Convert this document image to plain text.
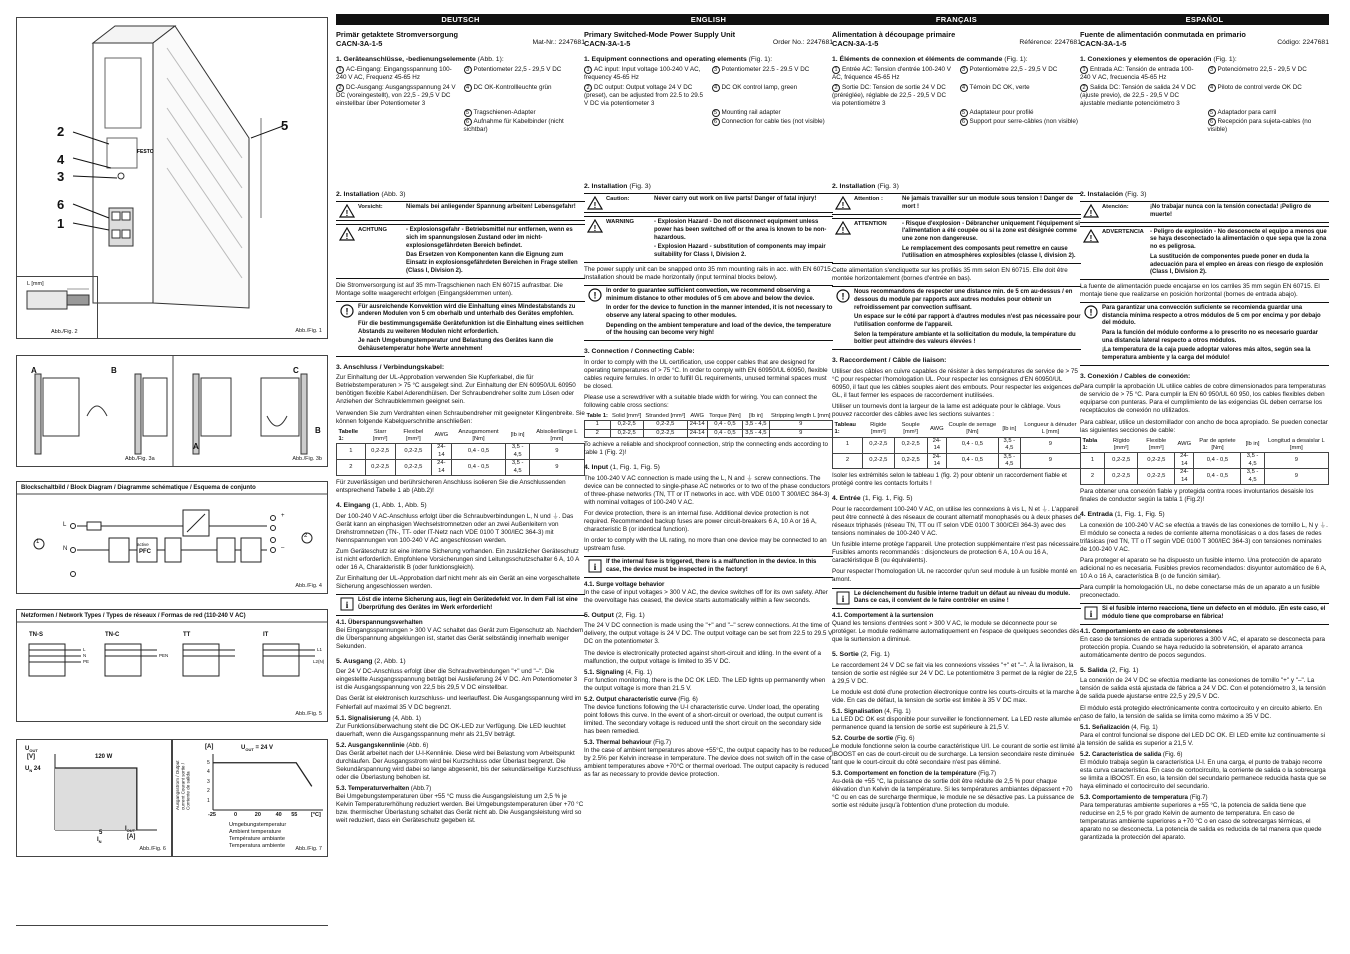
FESTO
2
4
3
6
1
5
L [mm]
Abb./Fig. 2	Abb./Fig. 1
A	B
A
C
B
Abb./Fig. 3a	Abb./Fig. 3b
Blockschaltbild / Block Diagram / Diagramme schématique / Esquema de conjunto
L
N
1
2
active
PFC
+
–
Abb./Fig. 4
Netzformen / Network Types / Types de réseaux / Formas de red (110-240 V AC)
TN-S	TN-C	TT	IT
L
N
PE
PEN
L1
L2(N)
Abb./Fig. 5
$U_{OUT}$
[V]
$U_N$ 24
120 W
$I_{OUT}$
[A]
5
$I_N$
Abb./Fig. 6
Ausgangsstrom / Output current Courant sortie / Corriente de salida
[A]	$U_{OUT} = 24$ V
Umgebungstemperatur
Ambient temperature
Température ambiante
Temperatura ambiente
Abb./Fig. 7
-25	0	20	40 55 [°C]
5
4
3
2
1
DEUTSCH
Primär getaktete Stromversorgung
CACN-3A-1-5	Mat-Nr.: 2247681
1. Geräteanschlüsse, -bedienungselemente (Abb. 1):
1 AC-Eingang: Eingangsspannung 100-240 V AC, Frequenz 45-65 Hz
3 Potentiometer 22,5 - 29,5 V DC
2 DC-Ausgang: Ausgangsspannung 24 V DC (voreingestellt), von 22,5 - 29,5 V DC einstellbar über Potentiometer 3
4 DC OK-Kontrollleuchte grün
5 Tragschienen-Adapter
6 Aufnahme für Kabelbinder (nicht sichtbar)
2. Installation (Abb. 3)
!
Vorsicht:	Niemals bei anliegender Spannung arbeiten! Lebensgefahr!
!
ACHTUNG	- Explosionsgefahr - Betriebsmittel nur entfernen, wenn es sich im spannungslosen Zustand oder im nicht-explosionsgefährdeten Bereich befindet.
Das Ersetzen von Komponenten kann die Eignung zum Einsatz in explosionsgefährdeten Bereichen in Frage stellen (Class I, Division 2).
Die Stromversorgung ist auf 35 mm-Tragschienen nach EN 60715 aufrastbar. Die Montage sollte waagerecht erfolgen (Eingangsklemmen unten).
! Für ausreichende Konvektion wird die Einhaltung eines Mindestabstands zu anderen Modulen von 5 cm oberhalb und unterhalb des Gerätes empfohlen.
Für die bestimmungsgemäße Gerätefunktion ist die Einhaltung eines seitlichen Abstands zu weiteren Modulen nicht erforderlich.
Je nach Umgebungstemperatur und Belastung des Gerätes kann die Gehäusetemperatur hohe Werte annehmen!
3. Anschluss / Verbindungskabel:
Zur Einhaltung der UL-Approbation verwenden Sie Kupferkabel, die für Betriebstemperaturen > 75 °C ausgelegt sind. Zur Einhaltung der EN 60950/UL 60950 benötigen flexible Kabel Aderendhülsen. Der Schraubendreher sollte zum Lösen oder Anziehen der Schraubklemmen geeignet sein.
Verwenden Sie zum Verdrahten einen Schraubendreher mit geeigneter Klingenbreite. Sie können folgende Kabelquerschnitte anschließen:
Tabelle 1:	Starr [mm²]	Flexibel [mm²]	AWG	Anzugsmoment [Nm]	[lb in]	Abisolierlänge L [mm]
1	0,2-2,5	0,2-2,5	24-14	0,4 - 0,5	3,5 - 4,5	9
2	0,2-2,5	0,2-2,5	24-14	0,4 - 0,5	3,5 - 4,5	9
Für zuverlässigen und berührsicheren Anschluss isolieren Sie die Anschlussenden entsprechend Tabelle 1 ab (Abb.2)!
4. Eingang (1, Abb. 1, Abb. 5)
Der 100-240 V AC-Anschluss erfolgt über die Schraubverbindungen L, N und ⏚. Das Gerät kann an einphasigen Wechselstromnetzen oder an zwei Außenleitern von Drehstromnetzen (TN-, TT- oder IT-Netz nach VDE 0100 T 300/IEC 364-3) mit Nennspannungen von 100-240 V AC angeschlossen werden.
Zum Geräteschutz ist eine interne Sicherung vorhanden. Ein zusätzlicher Geräteschutz ist nicht erforderlich. Empfohlene Vorsicherungen sind Leitungsschutzschalter 6 A, 10 A oder 16 A, Charakteristik B (oder funktionsgleich).
Zur Einhaltung der UL-Approbation darf nicht mehr als ein Gerät an eine vorgeschaltete Sicherung angeschlossen werden.
i Löst die interne Sicherung aus, liegt ein Gerätedefekt vor. In dem Fall ist eine Überprüfung des Gerätes im Werk erforderlich!
4.1. Überspannungsverhalten
Bei Eingangsspannungen > 300 V AC schaltet das Gerät zum Eigenschutz ab. Nachdem die Überspannung abgeklungen ist, startet das Gerät selbständig innerhalb weniger Sekunden.
5. Ausgang (2, Abb. 1)
Der 24 V DC-Anschluss erfolgt über die Schraubverbindungen "+" und "–". Die eingestellte Ausgangsspannung beträgt bei Auslieferung 24 V DC. Am Potentiometer 3 ist die Ausgangsspannung von 22,5 bis 29,5 V DC einstellbar.
Das Gerät ist elektronisch kurzschluss- und leerlauffest. Die Ausgangsspannung wird im Fehlerfall auf maximal 35 V DC begrenzt.
5.1. Signalisierung (4, Abb. 1)
Zur Funktionsüberwachung steht die DC OK-LED zur Verfügung. Die LED leuchtet dauerhaft, wenn die Ausgangsspannung mehr als 21,5V beträgt.
5.2. Ausgangskennlinie (Abb. 6)
Das Gerät arbeitet nach der U-I-Kennlinie. Diese wird bei Belastung vom Arbeitspunkt durchlaufen. Der Ausgangsstrom wird bei Kurzschluss oder Überlast begrenzt. Die Sekundärspannung wird dabei so lange abgesenkt, bis der sekundärseitige Kurzschluss oder die Überlastung behoben ist.
5.3. Temperaturverhalten (Abb.7)
Bei Umgebungstemperaturen über +55 °C muss die Ausgangsleistung um 2,5 % je Kelvin Temperaturerhöhung reduziert werden. Bei Umgebungstemperaturen über +70 °C bzw. thermischer Überlastung schaltet das Gerät nicht ab. Die Ausgangsleistung wird so weit reduziert, dass ein Geräteschutz gegeben ist.
ENGLISH
Primary Switched-Mode Power Supply Unit
CACN-3A-1-5	Order No.: 2247681
1. Equipment connections and operating elements (Fig. 1):
1 AC input: Input voltage 100-240 V AC, frequency 45-65 Hz
3 Potentiometer 22.5 - 29.5 V DC
2 DC output: Output voltage 24 V DC (preset), can be adjusted from 22.5 to 29.5 V DC via potentiometer 3
4 DC OK control lamp, green
5 Mounting rail adapter
6 Connection for cable ties (not visible)
2. Installation (Fig. 3)
!
Caution:	Never carry out work on live parts! Danger of fatal injury!
!
WARNING	- Explosion Hazard - Do not disconnect equipment unless power has been switched off or the area is known to be non-hazardous.
- Explosion Hazard - substitution of components may impair suitability for Class I, Division 2.
The power supply unit can be snapped onto 35 mm mounting rails in acc. with EN 60715. Installation should be made horizontally (input terminal blocks below).
! In order to guarantee sufficient convection, we recommend observing a minimum distance to other modules of 5 cm above and below the device.
In order for the device to function in the manner intended, it is not necessary to observe any lateral spacing to other modules.
Depending on the ambient temperature and load of the device, the temperature of the housing can become very high!
3. Connection / Connecting Cable:
In order to comply with the UL certification, use copper cables that are designed for operating temperatures of > 75 °C. In order to comply with EN 60950/UL 60950, flexible cables require ferrules. In order to fulfill GL requirements, unused terminal spaces must be closed.
Please use a screwdriver with a suitable blade width for wiring. You can connect the following cable cross sections:
Table 1:	Solid [mm²]	Stranded [mm²]	AWG	Torque [Nm]	[lb in]	Stripping length L [mm]
1	0,2-2,5	0,2-2,5	24-14	0,4 - 0,5	3,5 - 4,5	9
2	0,2-2,5	0,2-2,5	24-14	0,4 - 0,5	3,5 - 4,5	9
To achieve a reliable and shockproof connection, strip the connecting ends according to table 1 (Fig. 2)!
4. Input (1, Fig. 1, Fig. 5)
The 100-240 V AC connection is made using the L, N and ⏚ screw connections. The device can be connected to single-phase AC networks or to two of the phase conductors of three-phase networks (TN, TT or IT networks in acc. with VDE 0100 T 300/IEC 364-3) with nominal voltages of 100-240 V AC.
For device protection, there is an internal fuse. Additional device protection is not required. Recommended backup fuses are power circuit-breakers 6 A, 10 A or 16 A, characteristic B (or identical function).
In order to comply with the UL rating, no more than one device may be connected to an upstream fuse.
i If the internal fuse is triggered, there is a malfunction in the device. In this case, the device must be inspected in the factory!
4.1. Surge voltage behavior
In the case of input voltages > 300 V AC, the device switches off for its own safety. After the overvoltage has ceased, the device starts automatically within a few seconds.
5. Output (2, Fig. 1)
The 24 V DC connection is made using the "+" and "–" screw connections. At the time of delivery, the output voltage is 24 V DC. The output voltage can be set from 22.5 to 29.5 V DC on the potentiometer 3.
The device is electronically protected against short-circuit and idling. In the event of a malfunction, the output voltage is limited to 35 V DC.
5.1. Signaling (4, Fig. 1)
For function monitoring, there is the DC OK LED. The LED lights up permanently when the output voltage is more than 21.5 V.
5.2. Output characteristic curve (Fig. 6)
The device functions following the U-I characteristic curve. Under load, the operating point follows this curve. In the event of a short-circuit or overload, the output current is limited. The secondary voltage is reduced until the short circuit on the secondary side has been remedied.
5.3. Thermal behaviour (Fig.7)
In the case of ambient temperatures above +55°C, the output capacity has to be reduced by 2.5% per Kelvin increase in temperature. The device does not switch off in the case of ambient temperatures above +70°C or thermal overload. The output capacity is reduced as far as necessary to provide device protection.
FRANÇAIS
Alimentation à découpage primaire
CACN-3A-1-5	Référence: 2247681
1. Éléments de connexion et éléments de commande (Fig. 1):
1 Entrée AC: Tension d'entrée 100-240 V AC, fréquence 45-65 Hz
3 Potentiomètre 22,5 - 29,5 V DC
2 Sortie DC: Tension de sortie 24 V DC (préréglée), réglable de 22,5 - 29,5 V DC via potentiomètre 3
4 Témoin DC OK, verte
5 Adaptateur pour profilé
6 Support pour serre-câbles (non visible)
2. Installation (Fig. 3)
!
Attention :	Ne jamais travailler sur un module sous tension ! Danger de mort !
!
ATTENTION	- Risque d'explosion - Débrancher uniquement l'équipement si l'alimentation a été coupée ou si la zone est désignée comme une zone non dangereuse.
Le remplacement des composants peut remettre en cause l'utilisation en atmosphères explosibles (classe I, division 2).
Cette alimentation s'encliquette sur les profilés 35 mm selon EN 60715. Elle doit être montée horizontalement (bornes d'entrée en bas).
! Nous recommandons de respecter une distance min. de 5 cm au-dessus / en dessous du module par rapports aux autres modules pour obtenir un refroidissement par convection suffisant.
Un espace sur le côté par rapport à d'autres modules n'est pas nécessaire pour l'utilisation conforme de l'appareil.
Selon la température ambiante et la sollicitation du module, la température du boîtier peut atteindre des valeurs élevées !
3. Raccordement / Câble de liaison:
Utiliser des câbles en cuivre capables de résister à des températures de service de > 75 °C pour respecter l'homologation UL. Pour respecter les consignes d'EN 60950/UL 60950, il faut que les câbles souples aient des embouts. Pour respecter les exigences de GL, il faut fermer les espaces de raccordement inutilisées.
Utiliser un tournevis dont la largeur de la lame est adéquate pour le câblage. Vous pouvez raccorder des câbles avec les sections suivantes :
Tableau 1:	Rigide [mm²]	Souple [mm²]	AWG	Couple de serrage [Nm]	[lb in]	Longueur à dénuder L [mm]
1	0,2-2,5	0,2-2,5	24-14	0,4 - 0,5	3,5 - 4,5	9
2	0,2-2,5	0,2-2,5	24-14	0,4 - 0,5	3,5 - 4,5	9
Isoler les extrémités selon le tableau 1 (fig. 2) pour obtenir un raccordement fiable et protégé contre les contacts fortuits !
4. Entrée (1, Fig. 1, Fig. 5)
Pour le raccordement 100-240 V AC, on utilise les connexions à vis L, N et ⏚. L'appareil peut être connecté à des réseaux de courant alternatif monophasés ou à deux phases de réseaux triphasés (réseau TN, TT ou IT selon VDE 0100 T 300/CEI 364-3) avec des tensions nominales de 100-240 V AC.
Un fusible interne protège l'appareil. Une protection supplémentaire n'est pas nécessaire. Fusibles amonts recommandés : disjoncteurs de protection 6 A, 10 A ou 16 A, caractéristique B (ou équivalents).
Pour respecter l'homologation UL ne raccorder qu'un seul module à un fusible monté en amont.
i Le déclenchement du fusible interne traduit un défaut au niveau du module. Dans ce cas, il convient de le faire contrôler en usine !
4.1. Comportement à la surtension
Quand les tensions d'entrées sont > 300 V AC, le module se déconnecte pour se protéger. Le module redémarre automatiquement en l'espace de quelques secondes dès que la surtension a diminué.
5. Sortie (2, Fig. 1)
Le raccordement 24 V DC se fait via les connexions vissées "+" et "–". À la livraison, la tension de sortie est réglée sur 24 V DC. Le potentiomètre 3 permet de la régler de 22,5 à 29,5 V DC.
Le module est doté d'une protection électronique contre les courts-circuits et la marche à vide. En cas de défaut, la tension de sortie est limitée à 35 V DC max.
5.1. Signalisation (4, Fig. 1)
La LED DC OK est disponible pour surveiller le fonctionnement. La LED reste allumée en permanence quand la tension de sortie est supérieure à 21,5 V.
5.2. Courbe de sortie (Fig. 6)
Le module fonctionne selon la courbe caractéristique U/I. Le courant de sortie est limité à IBOOST en cas de court-circuit ou de surcharge. La tension secondaire reste diminuée tant que le court-circuit du côté secondaire n'est pas éliminé.
5.3. Comportement en fonction de la température (Fig.7)
Au-delà de +55 °C, la puissance de sortie doit être réduite de 2,5 % pour chaque élévation d'un Kelvin de la température. Si les températures ambiantes dépassent +70 °C ou en cas de surcharge thermique, le module ne se désactive pas. La puissance de sortie est réduite jusqu'à l'obtention d'une protection du module.
ESPAÑOL
Fuente de alimentación conmutada en primario
CACN-3A-1-5	Código: 2247681
1. Conexiones y elementos de operación (Fig. 1):
1 Entrada AC: Tensión de entrada 100-240 V AC, frecuencia 45-65 Hz
3 Potenciómetro 22,5 - 29,5 V DC
2 Salida DC: Tensión de salida 24 V DC (ajuste previo), de 22,5 - 29,5 V DC ajustable mediante potenciómetro 3
4 Piloto de control verde OK DC
5 Adaptador para carril
6 Recepción para sujeta-cables (no visible)
2. Instalación (Fig. 3)
!
Atención:	¡No trabajar nunca con la tensión conectada! ¡Peligro de muerte!
!
ADVERTENCIA	- Peligro de explosión - No desconecte el equipo a menos que se haya desconectado la alimentación o que sepa que la zona no es peligrosa.
La sustitución de componentes puede poner en duda la adecuación para el empleo en áreas con riesgo de explosión (Class I, Division 2).
La fuente de alimentación puede encajarse en los carriles 35 mm según EN 60715. El montaje tiene que realizarse en posición horizontal (bornes de entrada abajo).
! Para garantizar una convección suficiente se recomienda guardar una distancia mínima respecto a otros módulos de 5 cm por encima y por debajo del módulo.
Para la función del módulo conforme a lo prescrito no es necesario guardar una distancia lateral respecto a otros módulos.
¡La temperatura de la caja puede adoptar valores más altos, según sea la temperatura ambiente y la carga del módulo!
3. Conexión / Cables de conexión:
Para cumplir la aprobación UL utilice cables de cobre dimensionados para temperaturas de servicio de > 75 °C. Para cumplir la EN 60 950/UL 60 950, los cables flexibles deben equiparse con punteras. Para el cumplimiento de las exigencias GL deben cerrarse los receptáculos de conexión no utilizados.
Para cablear, utilice un destornillador con ancho de boca apropiado. Se pueden conectar las siguientes secciones de cable:
Tabla 1:	Rígido [mm²]	Flexible [mm²]	AWG	Par de apriete [Nm]	[lb in]	Longitud a desaislar L [mm]
1	0,2-2,5	0,2-2,5	24-14	0,4 - 0,5	3,5 - 4,5	9
2	0,2-2,5	0,2-2,5	24-14	0,4 - 0,5	3,5 - 4,5	9
Para obtener una conexión fiable y protegida contra roces involuntarios desaisle los finales de conductor según la tabla 1 (Fig.2)!
4. Entrada (1, Fig. 1, Fig. 5)
La conexión de 100-240 V AC se efectúa a través de las conexiones de tornillo L, N y ⏚. El módulo se conecta a redes de corriente alterna monofásicas o a dos fases de redes trifásicas (red TN, TT o IT según VDE 0100 T 300/IEC 364-3) con tensiones nominales de 100-240 V AC.
Para proteger el aparato se ha dispuesto un fusible interno. Una protección de aparato adicional no es necesaria. Fusibles previos recomendados: disyuntor automático de 6 A, 10 A o 16 A, característica B (o de función similar).
Para cumplir la homologación UL, no debe conectarse más de un aparato a un fusible preconectado.
i Si el fusible interno reacciona, tiene un defecto en el módulo. ¡En este caso, el módulo tiene que comprobarse en fábrica!
4.1. Comportamiento en caso de sobretensiones
En caso de tensiones de entrada superiores a 300 V AC, el aparato se desconecta para protección propia. Cuando se haya reducido la sobretensión, el aparato arranca automáticamente dentro de pocos segundos.
5. Salida (2, Fig. 1)
La conexión de 24 V DC se efectúa mediante las conexiones de tornillo "+" y "–". La tensión de salida está ajustada de fábrica a 24 V DC. Con el potenciómetro 3, la tensión de salida puede ajustarse entre 22,5 y 29,5 V DC.
El módulo está protegido electrónicamente contra cortocircuito y en circuito abierto. En caso de fallo, la tensión de salida se limita como máximo a 35 V DC.
5.1. Señalización (4, Fig. 1)
Para el control funcional se dispone del LED DC OK. El LED emite luz continuamente si la tensión de salida es superior a 21,5 V.
5.2. Característica de salida (Fig. 6)
El módulo trabaja según la característica U-I. En una carga, el punto de trabajo recorre esta curva característica. En caso de cortocircuito, la corriente de salida o la sobrecarga se limita a IBOOST. En eso, la tensión del secundario permanece reducida hasta que se haya eliminado el cortocircuito del secundario.
5.3. Comportamiento de temperatura (Fig.7)
Para temperaturas ambiente superiores a +55 °C, la potencia de salida tiene que reducirse en 2,5 % por grado Kelvin de aumento de temperatura. En caso de temperaturas ambiente superiores a +70 °C o en caso de sobrecargas térmicas, el aparato no se desconecta. La potencia de salida es reducida de tal manera que quede garantizada la protección del aparato.
